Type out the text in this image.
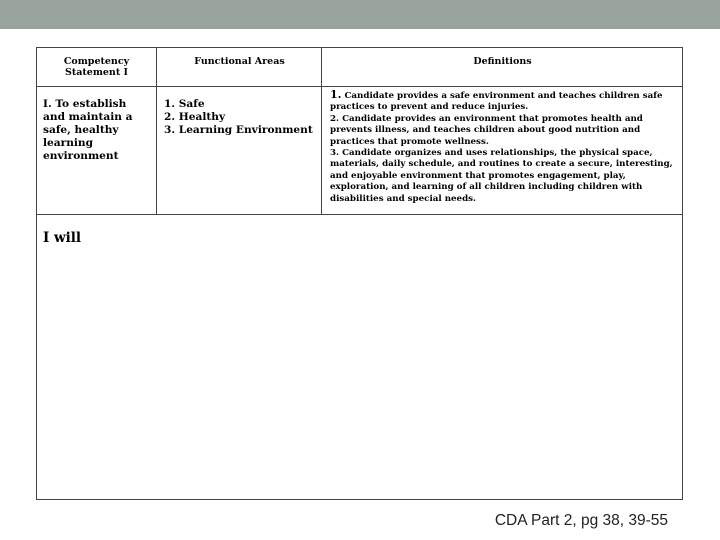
Competency Statement I
Functional Areas	Definitions
I. To establish and maintain a safe, healthy learning environment
1. Safe
2. Healthy
3. Learning Environment
1. Candidate provides a safe environment and teaches children safe practices to prevent and reduce injuries.
2. Candidate provides an environment that promotes health and prevents illness, and teaches children about good nutrition and practices that promote wellness.
3. Candidate organizes and uses relationships, the physical space, materials, daily schedule, and routines to create a secure, interesting, and enjoyable environment that promotes engagement, play, exploration, and learning of all children including children with disabilities and special needs.
I will
CDA Part 2, pg 38, 39-55
